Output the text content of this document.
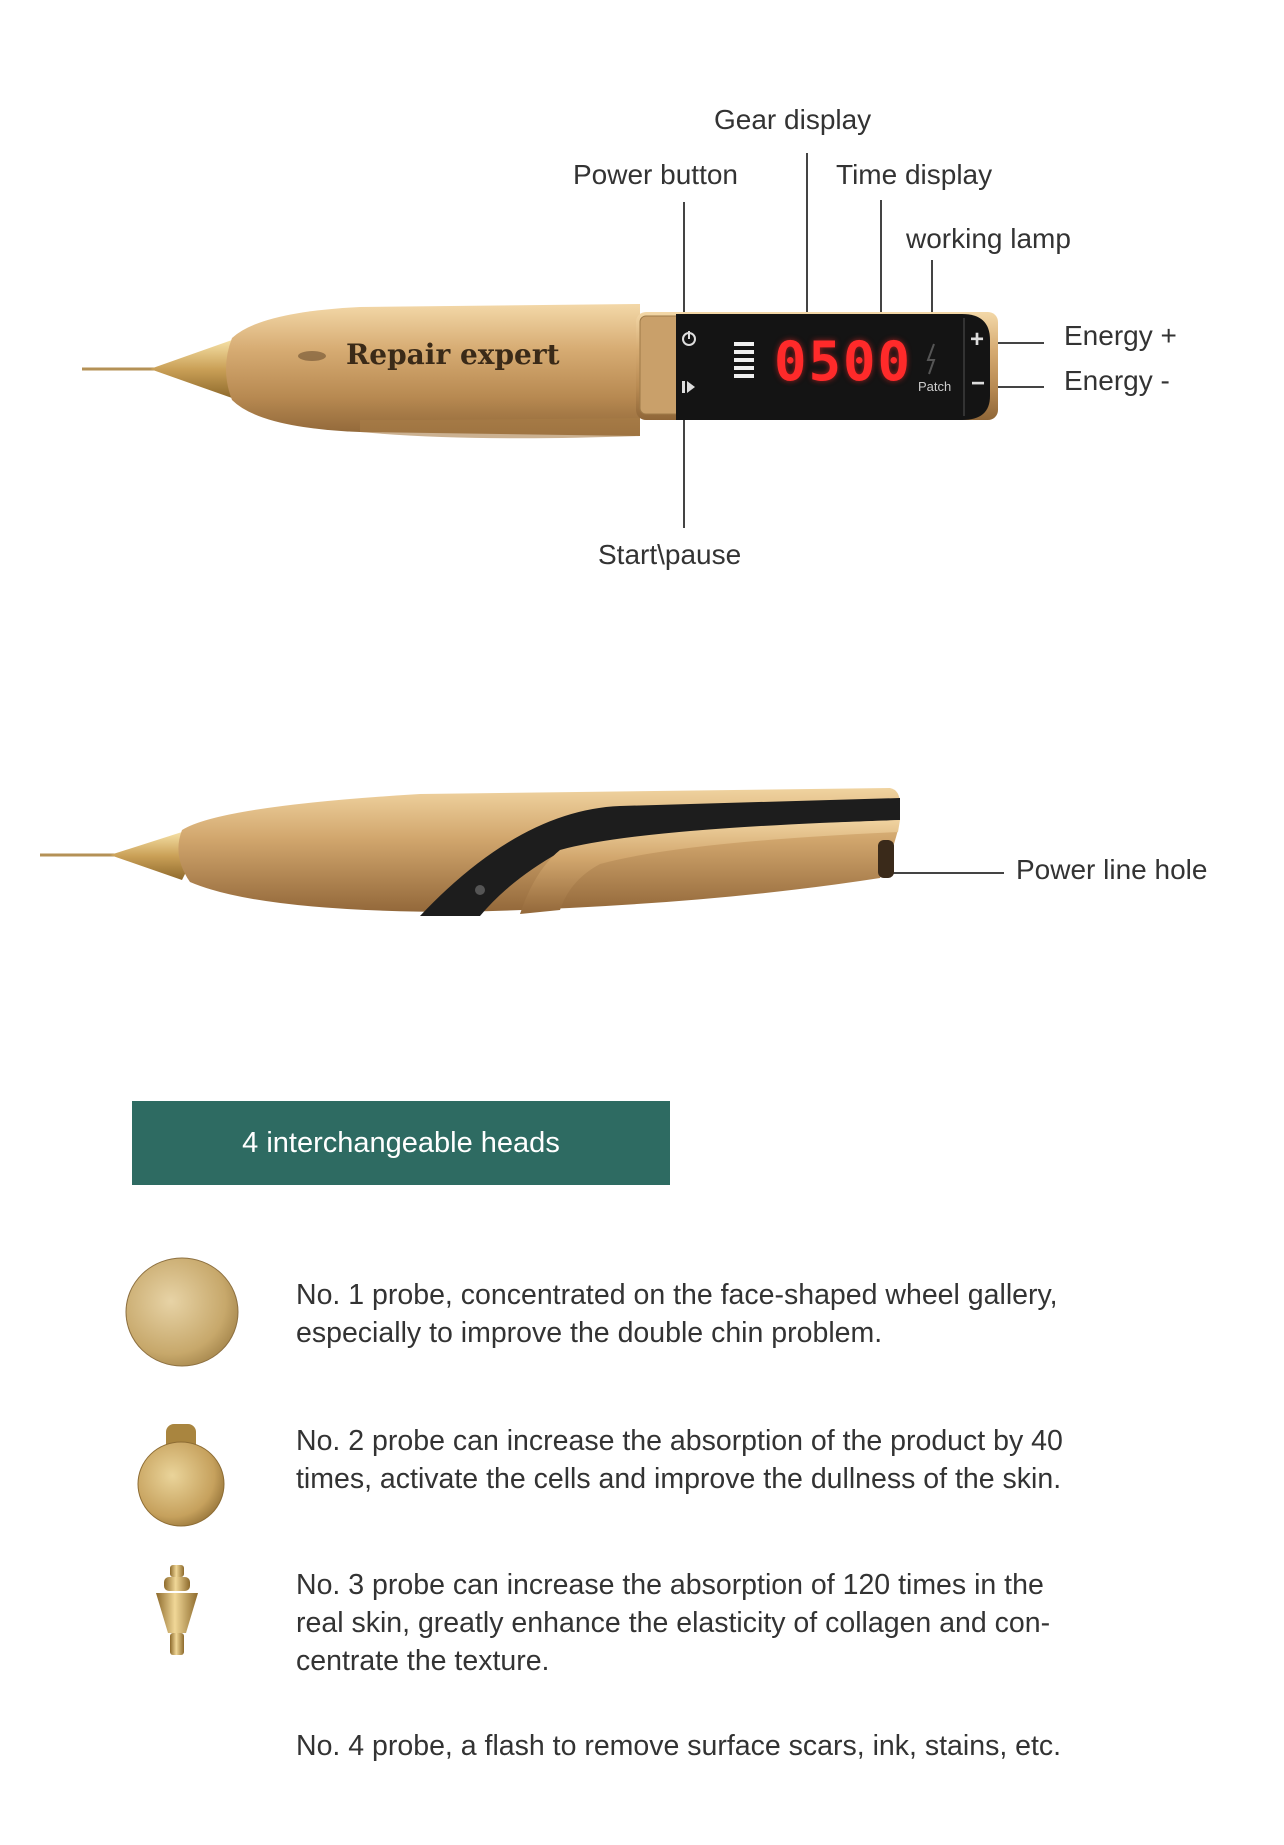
Gear display
Power button	Time display
working lamp
Energy +
Energy -
Start\pause
Power line hole
Repair expert	0500 Patch
+
−
4 interchangeable heads
No. 1 probe, concentrated on the face-shaped wheel gallery,
especially to improve the double chin problem.
No. 2 probe can increase the absorption of the product by 40
times, activate the cells and improve the dullness of the skin.
No. 3 probe can increase the absorption of 120 times in the
real skin, greatly enhance the elasticity of collagen and con-
centrate the texture.
No. 4 probe, a flash to remove surface scars, ink, stains, etc.
